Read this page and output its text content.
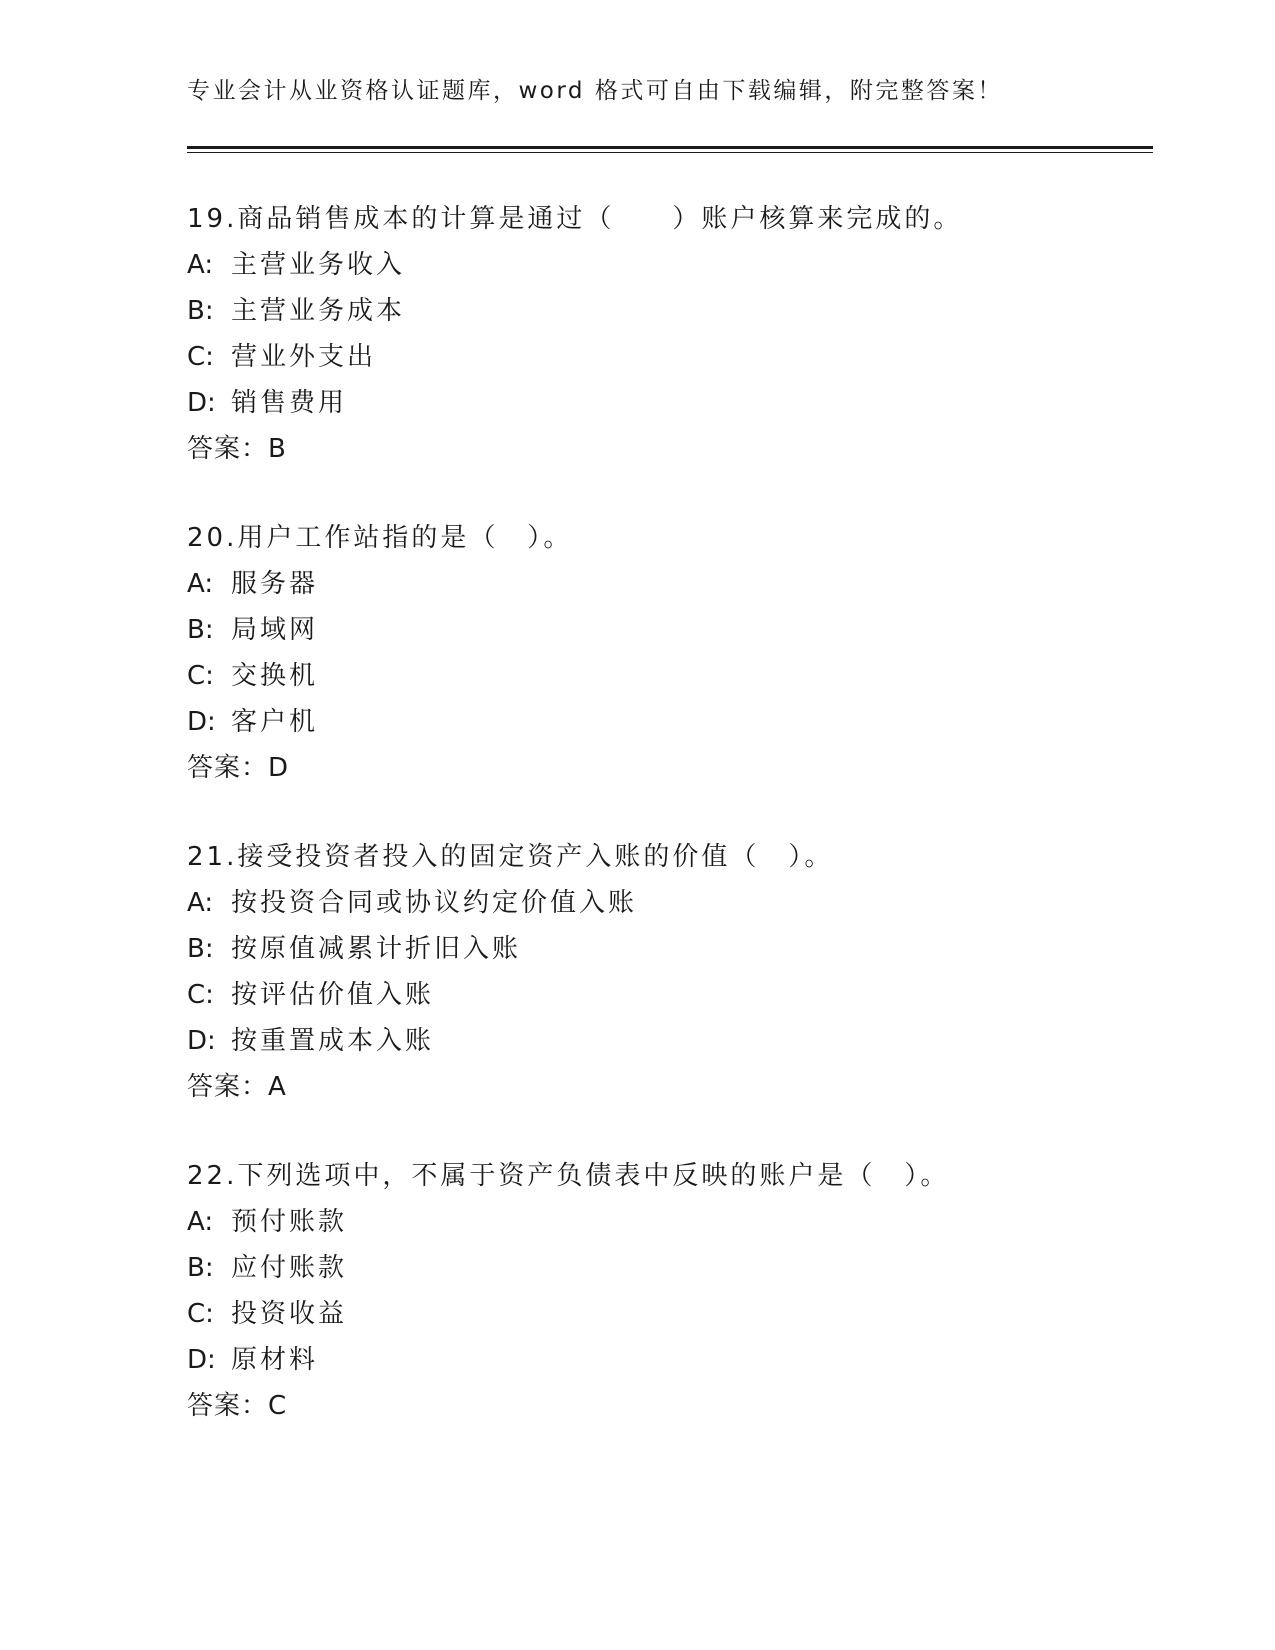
专业会计从业资格认证题库，word 格式可自由下载编辑，附完整答案！
19.商品销售成本的计算是通过（　　）账户核算来完成的。
A: 主营业务收入
B: 主营业务成本
C: 营业外支出
D: 销售费用
答案：B
20.用户工作站指的是（　）。
A: 服务器
B: 局域网
C: 交换机
D: 客户机
答案：D
21.接受投资者投入的固定资产入账的价值（　）。
A: 按投资合同或协议约定价值入账
B: 按原值减累计折旧入账
C: 按评估价值入账
D: 按重置成本入账
答案：A
22.下列选项中，不属于资产负债表中反映的账户是（　）。
A: 预付账款
B: 应付账款
C: 投资收益
D: 原材料
答案：C
